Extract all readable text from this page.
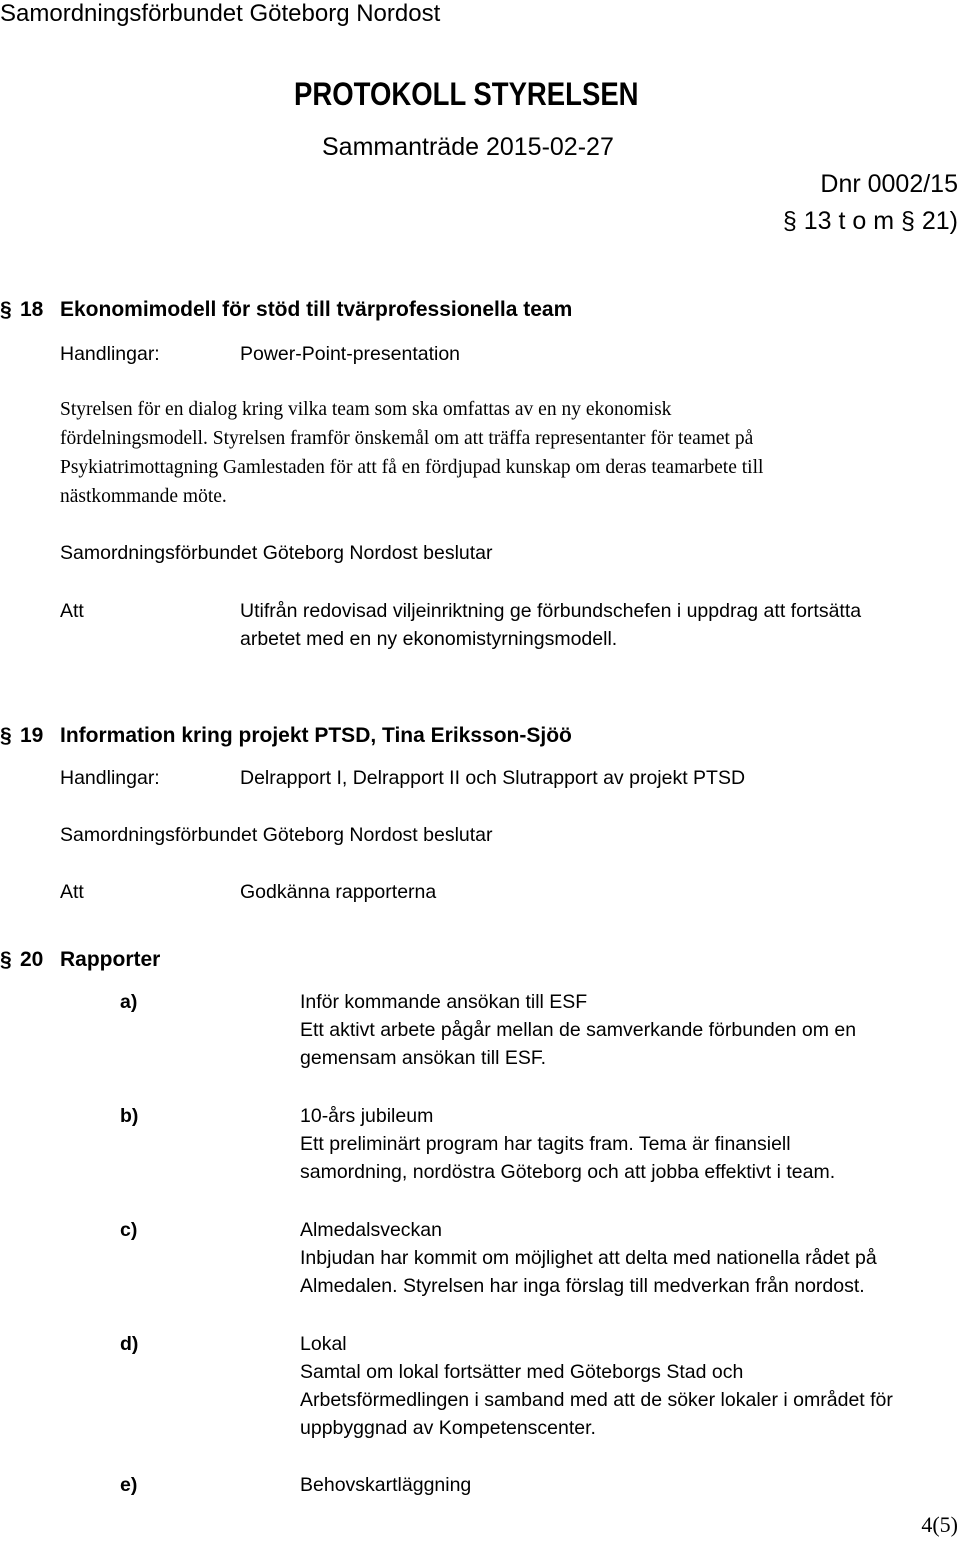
Samordningsförbundet Göteborg Nordost
PROTOKOLL STYRELSEN
Sammanträde 2015-02-27
Dnr 0002/15
§ 13 t o m § 21)
§ 18 Ekonomimodell för stöd till tvärprofessionella team
Handlingar:	Power-Point-presentation
Styrelsen för en dialog kring vilka team som ska omfattas av en ny ekonomisk
fördelningsmodell. Styrelsen framför önskemål om att träffa representanter för teamet på
Psykiatrimottagning Gamlestaden för att få en fördjupad kunskap om deras teamarbete till
nästkommande möte.
Samordningsförbundet Göteborg Nordost beslutar
Att	Utifrån redovisad viljeinriktning ge förbundschefen i uppdrag att fortsätta
arbetet med en ny ekonomistyrningsmodell.
§ 19 Information kring projekt PTSD, Tina Eriksson-Sjöö
Handlingar:	Delrapport I, Delrapport II och Slutrapport av projekt PTSD
Samordningsförbundet Göteborg Nordost beslutar
Att	Godkänna rapporterna
§ 20 Rapporter
a)	Inför kommande ansökan till ESF
Ett aktivt arbete pågår mellan de samverkande förbunden om en
gemensam ansökan till ESF.
b)	10-års jubileum
Ett preliminärt program har tagits fram. Tema är finansiell
samordning, nordöstra Göteborg och att jobba effektivt i team.
c)	Almedalsveckan
Inbjudan har kommit om möjlighet att delta med nationella rådet på
Almedalen. Styrelsen har inga förslag till medverkan från nordost.
d)	Lokal
Samtal om lokal fortsätter med Göteborgs Stad och
Arbetsförmedlingen i samband med att de söker lokaler i området för
uppbyggnad av Kompetenscenter.
e)	Behovskartläggning
4(5)
